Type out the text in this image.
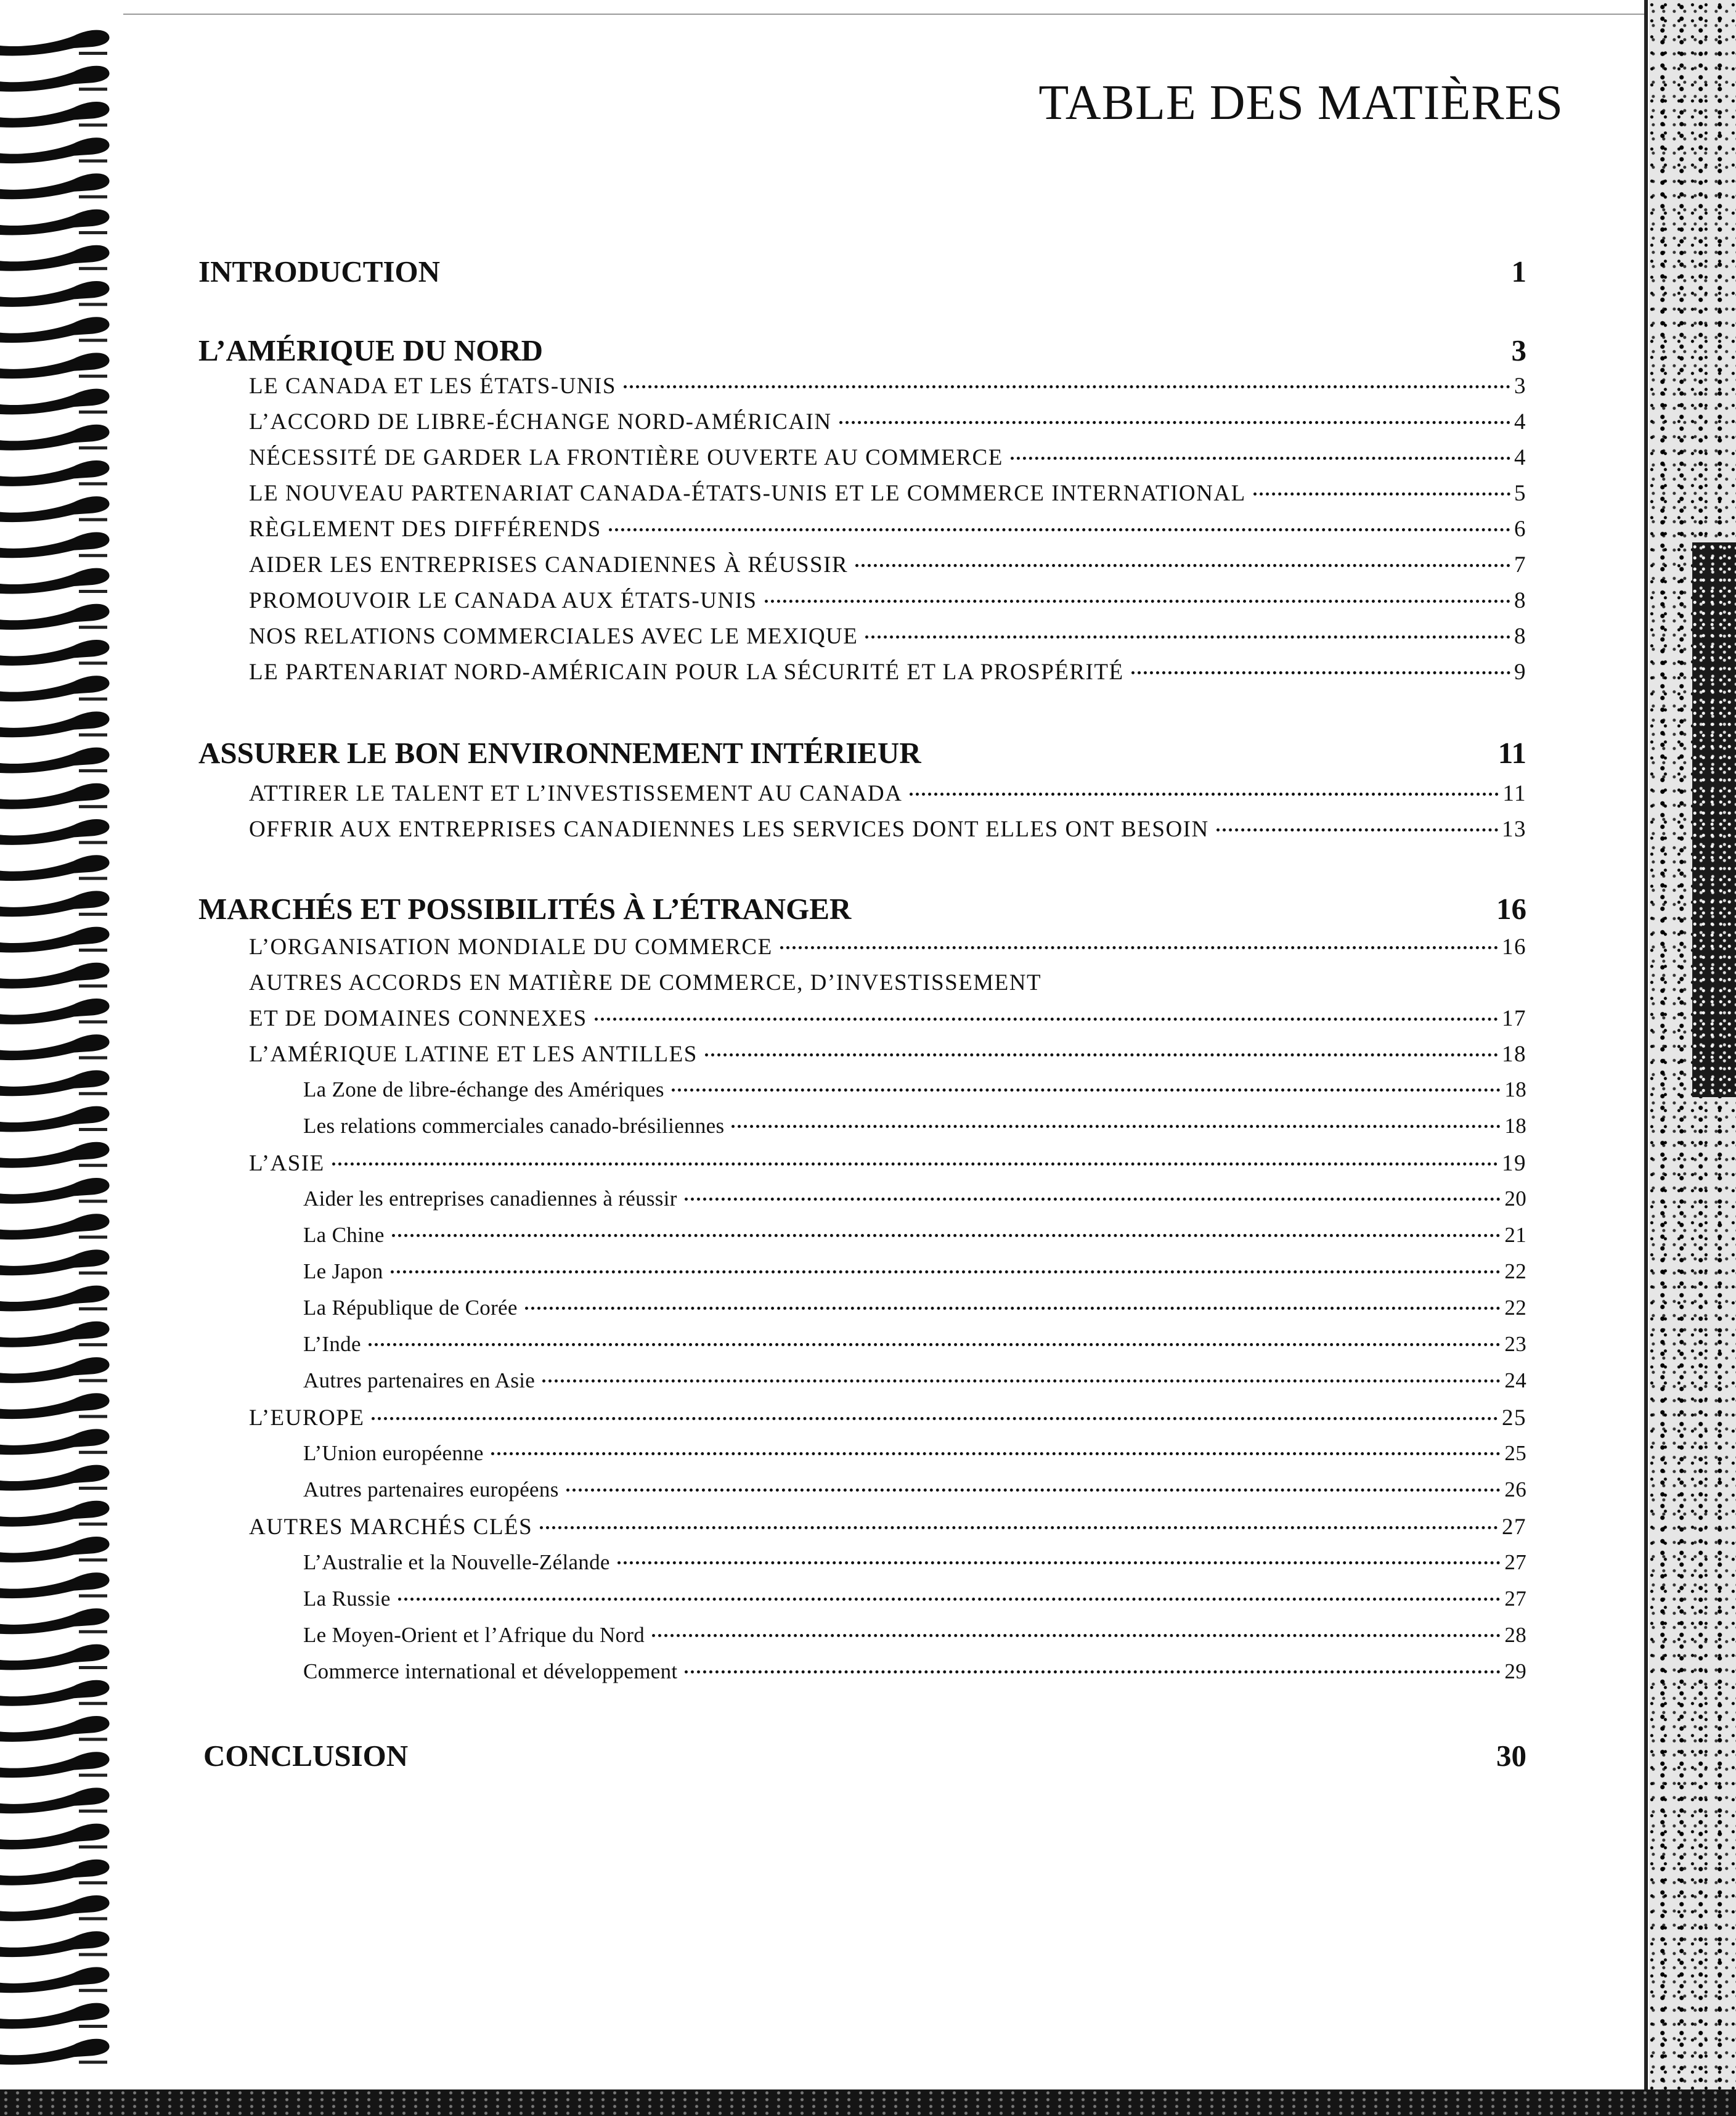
TABLE DES MATIÈRES
INTRODUCTION	1
L’AMÉRIQUE DU NORD	3
LE CANADA ET LES ÉTATS-UNIS	3
L’ACCORD DE LIBRE-ÉCHANGE NORD-AMÉRICAIN	4
NÉCESSITÉ DE GARDER LA FRONTIÈRE OUVERTE AU COMMERCE	4
LE NOUVEAU PARTENARIAT CANADA-ÉTATS-UNIS ET LE COMMERCE INTERNATIONAL	5
RÈGLEMENT DES DIFFÉRENDS	6
AIDER LES ENTREPRISES CANADIENNES À RÉUSSIR	7
PROMOUVOIR LE CANADA AUX ÉTATS-UNIS	8
NOS RELATIONS COMMERCIALES AVEC LE MEXIQUE	8
LE PARTENARIAT NORD-AMÉRICAIN POUR LA SÉCURITÉ ET LA PROSPÉRITÉ	9
ASSURER LE BON ENVIRONNEMENT INTÉRIEUR	11
ATTIRER LE TALENT ET L’INVESTISSEMENT AU CANADA	11
OFFRIR AUX ENTREPRISES CANADIENNES LES SERVICES DONT ELLES ONT BESOIN	13
MARCHÉS ET POSSIBILITÉS À L’ÉTRANGER	16
L’ORGANISATION MONDIALE DU COMMERCE	16
AUTRES ACCORDS EN MATIÈRE DE COMMERCE, D’INVESTISSEMENT
ET DE DOMAINES CONNEXES	17
L’AMÉRIQUE LATINE ET LES ANTILLES	18
La Zone de libre-échange des Amériques	18
Les relations commerciales canado-brésiliennes	18
L’ASIE	19
Aider les entreprises canadiennes à réussir	20
La Chine	21
Le Japon	22
La République de Corée	22
L’Inde	23
Autres partenaires en Asie	24
L’EUROPE	25
L’Union européenne	25
Autres partenaires européens	26
AUTRES MARCHÉS CLÉS	27
L’Australie et la Nouvelle-Zélande	27
La Russie	27
Le Moyen-Orient et l’Afrique du Nord	28
Commerce international et développement	29
CONCLUSION	30
